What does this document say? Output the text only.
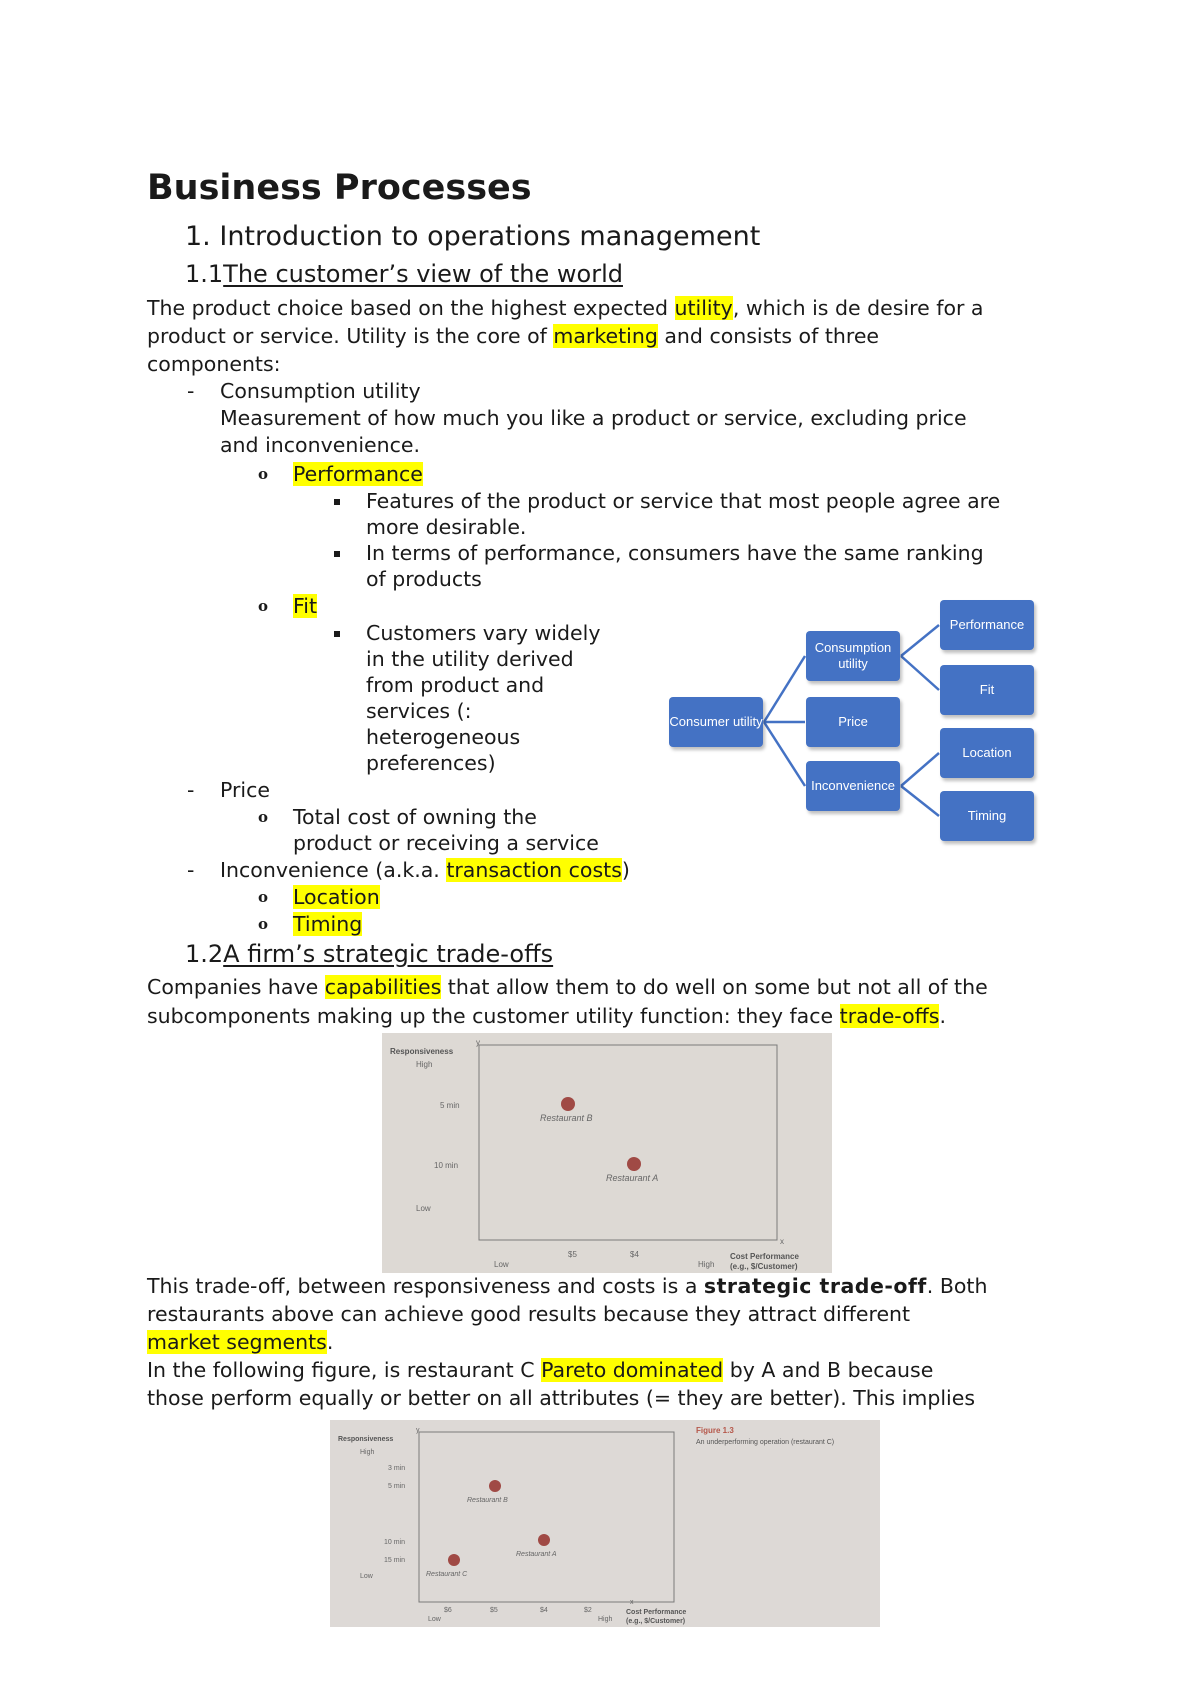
Business Processes
1. Introduction to operations management
1.1The customer’s view of the world
The product choice based on the highest expected utility, which is de desire for a
product or service. Utility is the core of marketing and consists of three
components:
- Consumption utility
Measurement of how much you like a product or service, excluding price
and inconvenience.
o Performance
Features of the product or service that most people agree are
more desirable.
In terms of performance, consumers have the same ranking
of products
o Fit
Customers vary widely
in the utility derived
from product and
services (:
heterogeneous
preferences)
- Price
o Total cost of owning the
product or receiving a service
- Inconvenience (a.k.a. transaction costs)
o Location
o Timing
Consumer utility
Consumption utility
Price
Inconvenience
Performance
Fit
Location
Timing
1.2A firm’s strategic trade-offs
Companies have capabilities that allow them to do well on some but not all of the
subcomponents making up the customer utility function: they face trade-offs.
Responsiveness
High
Low
y
5 min
10 min
x
$5	$4
Low	High
Cost Performance
(e.g., $/Customer)
Restaurant B
Restaurant A
This trade-off, between responsiveness and costs is a strategic trade-off. Both
restaurants above can achieve good results because they attract different
market segments.
In the following figure, is restaurant C Pareto dominated by A and B because
those perform equally or better on all attributes (= they are better). This implies
Figure 1.3
An underperforming operation (restaurant C)
Responsiveness
High
Low
y
3 min
5 min
10 min
15 min
x
$6	$5	$4	$2
Low	High
Cost Performance
(e.g., $/Customer)
Restaurant B
Restaurant A
Restaurant C
